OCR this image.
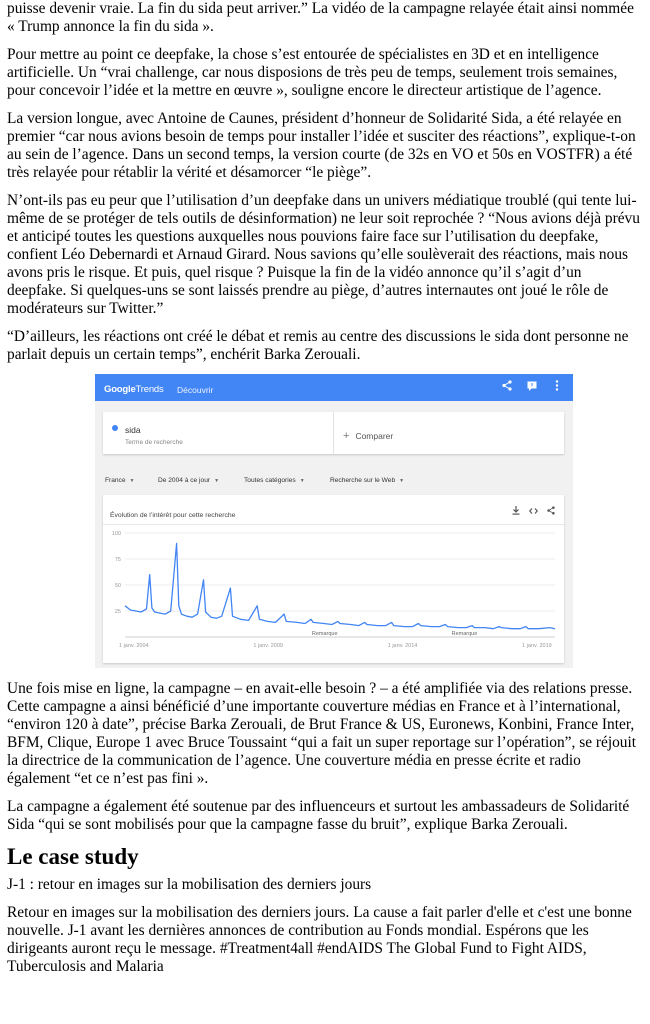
puisse devenir vraie. La fin du sida peut arriver.” La vidéo de la campagne relayée était ainsi nommée « Trump annonce la fin du sida ».

Pour mettre au point ce deepfake, la chose s’est entourée de spécialistes en 3D et en intelligence artificielle. Un “vrai challenge, car nous disposions de très peu de temps, seulement trois semaines, pour concevoir l’idée et la mettre en œuvre », souligne encore le directeur artistique de l’agence.

La version longue, avec Antoine de Caunes, président d’honneur de Solidarité Sida, a été relayée en premier “car nous avions besoin de temps pour installer l’idée et susciter des réactions”, explique-t-on au sein de l’agence. Dans un second temps, la version courte (de 32s en VO et 50s en VOSTFR) a été très relayée pour rétablir la vérité et désamorcer “le piège”.

N’ont-ils pas eu peur que l’utilisation d’un deepfake dans un univers médiatique troublé (qui tente lui-même de se protéger de tels outils de désinformation) ne leur soit reprochée ? “Nous avions déjà prévu et anticipé toutes les questions auxquelles nous pouvions faire face sur l’utilisation du deepfake, confient Léo Debernardi et Arnaud Girard. Nous savions qu’elle soulèverait des réactions, mais nous avons pris le risque. Et puis, quel risque ? Puisque la fin de la vidéo annonce qu’il s’agit d’un deepfake. Si quelques-uns se sont laissés prendre au piège, d’autres internautes ont joué le rôle de modérateurs sur Twitter.”

“D’ailleurs, les réactions ont créé le débat et remis au centre des discussions le sida dont personne ne parlait depuis un certain temps”, enchérit Barka Zerouali.

GoogleTrends Découvrir
sida
Terme de recherche
+ Comparer
France ▼	De 2004 à ce jour ▼	Toutes catégories ▼	Recherche sur le Web ▼
Évolution de l’intérêt pour cette recherche
100
75
50
25
1 janv. 2004	1 janv. 2009	1 janv. 2014	1 janv. 2019
Remarque	Remarque

Une fois mise en ligne, la campagne – en avait-elle besoin ? – a été amplifiée via des relations presse. Cette campagne a ainsi bénéficié d’une importante couverture médias en France et à l’international, “environ 120 à date”, précise Barka Zerouali, de Brut France & US, Euronews, Konbini, France Inter, BFM, Clique, Europe 1 avec Bruce Toussaint “qui a fait un super reportage sur l’opération”, se réjouit la directrice de la communication de l’agence. Une couverture média en presse écrite et radio également “et ce n’est pas fini ».

La campagne a également été soutenue par des influenceurs et surtout les ambassadeurs de Solidarité Sida “qui se sont mobilisés pour que la campagne fasse du bruit”, explique Barka Zerouali.

Le case study

J-1 : retour en images sur la mobilisation des derniers jours

Retour en images sur la mobilisation des derniers jours. La cause a fait parler d'elle et c'est une bonne nouvelle. J-1 avant les dernières annonces de contribution au Fonds mondial. Espérons que les dirigeants auront reçu le message. #Treatment4all #endAIDS The Global Fund to Fight AIDS, Tuberculosis and Malaria
